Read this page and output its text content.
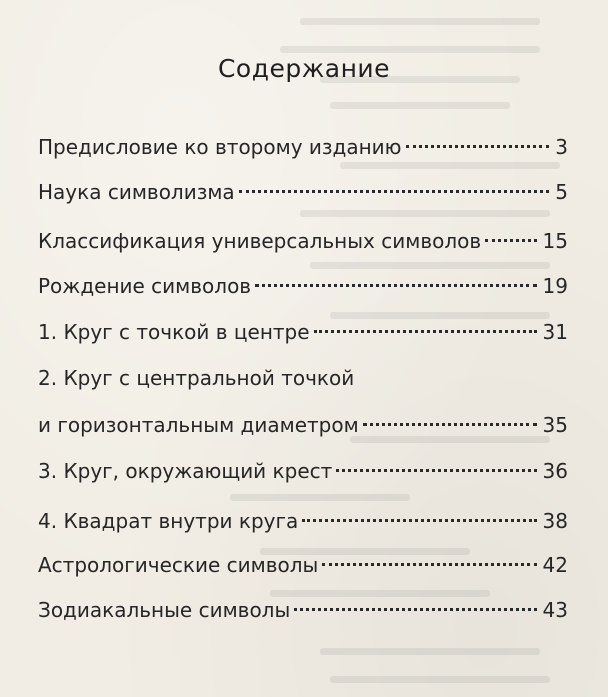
Содержание
Предисловие ко второму изданию	3
Наука символизма	5
Классификация универсальных символов	15
Рождение символов	19
1. Круг с точкой в центре	31
2. Круг с центральной точкой
и горизонтальным диаметром	35
3. Круг, окружающий крест	36
4. Квадрат внутри круга	38
Астрологические символы	42
Зодиакальные символы	43
